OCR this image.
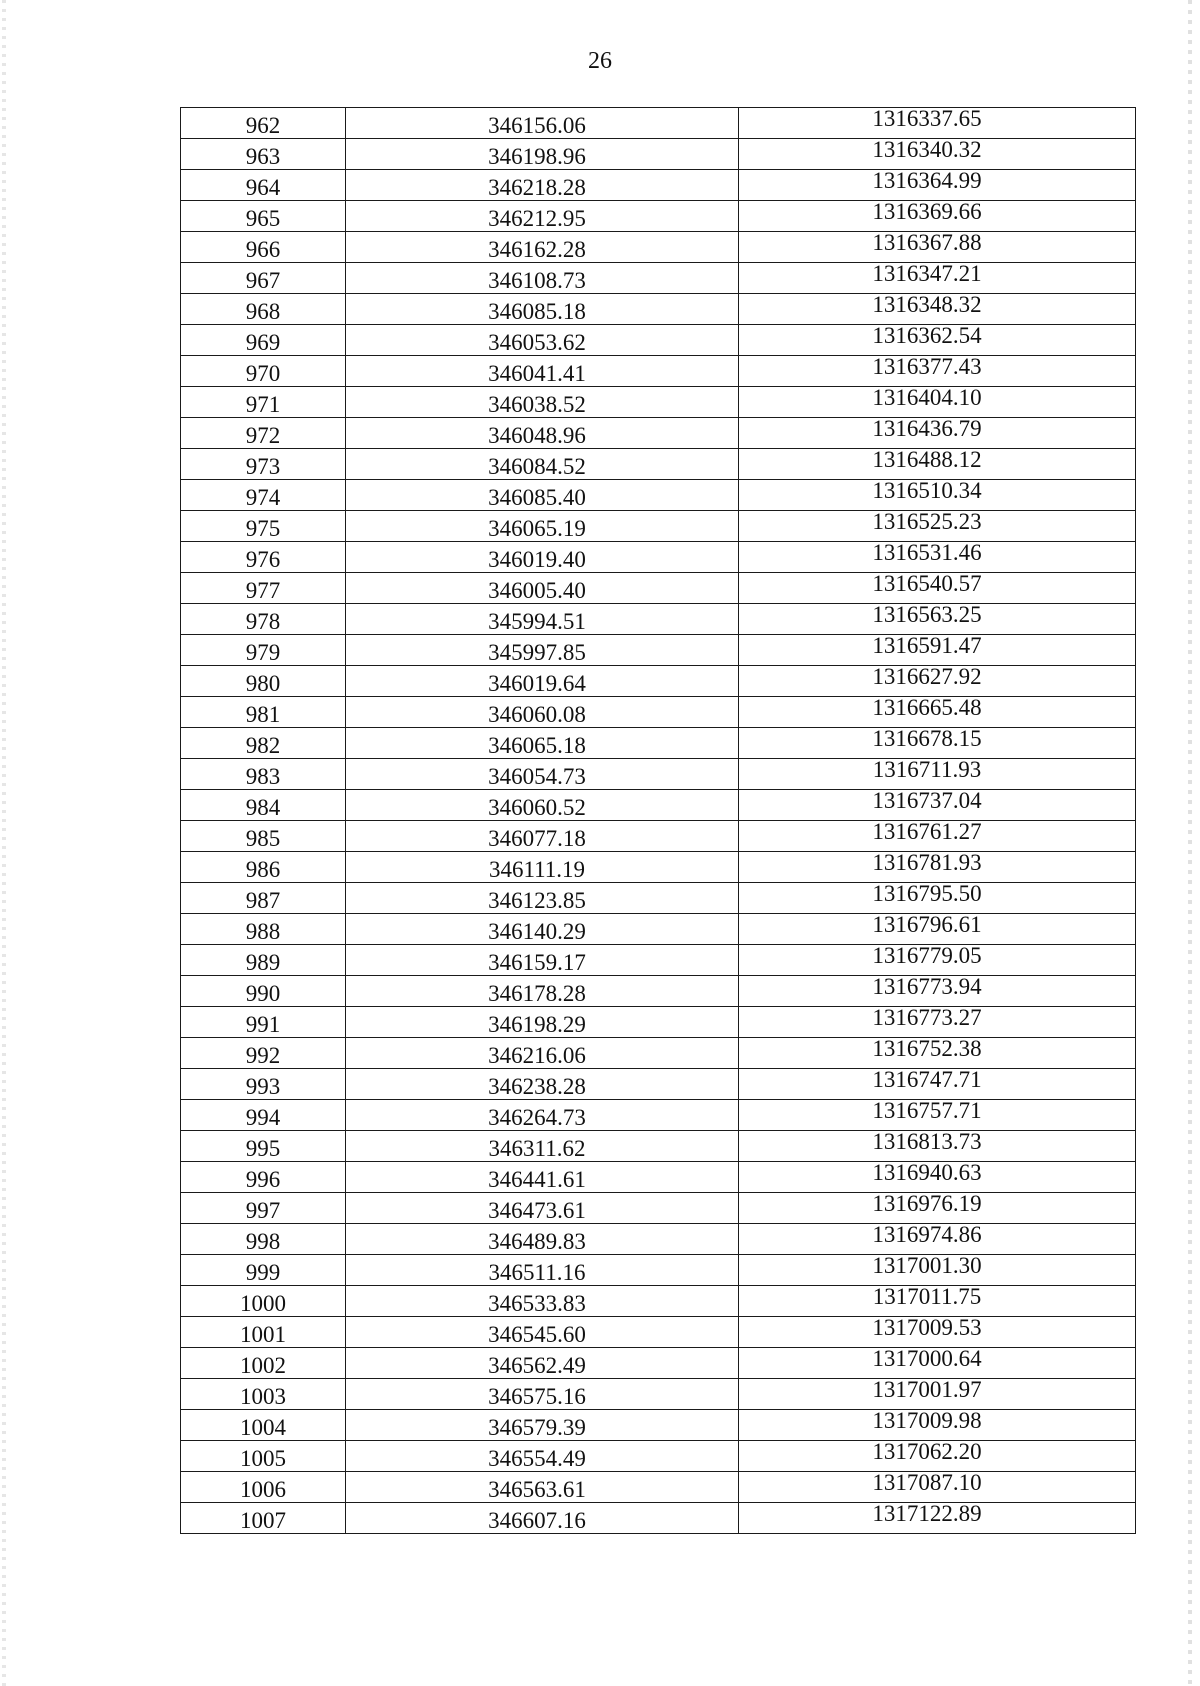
26
962	346156.06	1316337.65
963	346198.96	1316340.32
964	346218.28	1316364.99
965	346212.95	1316369.66
966	346162.28	1316367.88
967	346108.73	1316347.21
968	346085.18	1316348.32
969	346053.62	1316362.54
970	346041.41	1316377.43
971	346038.52	1316404.10
972	346048.96	1316436.79
973	346084.52	1316488.12
974	346085.40	1316510.34
975	346065.19	1316525.23
976	346019.40	1316531.46
977	346005.40	1316540.57
978	345994.51	1316563.25
979	345997.85	1316591.47
980	346019.64	1316627.92
981	346060.08	1316665.48
982	346065.18	1316678.15
983	346054.73	1316711.93
984	346060.52	1316737.04
985	346077.18	1316761.27
986	346111.19	1316781.93
987	346123.85	1316795.50
988	346140.29	1316796.61
989	346159.17	1316779.05
990	346178.28	1316773.94
991	346198.29	1316773.27
992	346216.06	1316752.38
993	346238.28	1316747.71
994	346264.73	1316757.71
995	346311.62	1316813.73
996	346441.61	1316940.63
997	346473.61	1316976.19
998	346489.83	1316974.86
999	346511.16	1317001.30
1000	346533.83	1317011.75
1001	346545.60	1317009.53
1002	346562.49	1317000.64
1003	346575.16	1317001.97
1004	346579.39	1317009.98
1005	346554.49	1317062.20
1006	346563.61	1317087.10
1007	346607.16	1317122.89
